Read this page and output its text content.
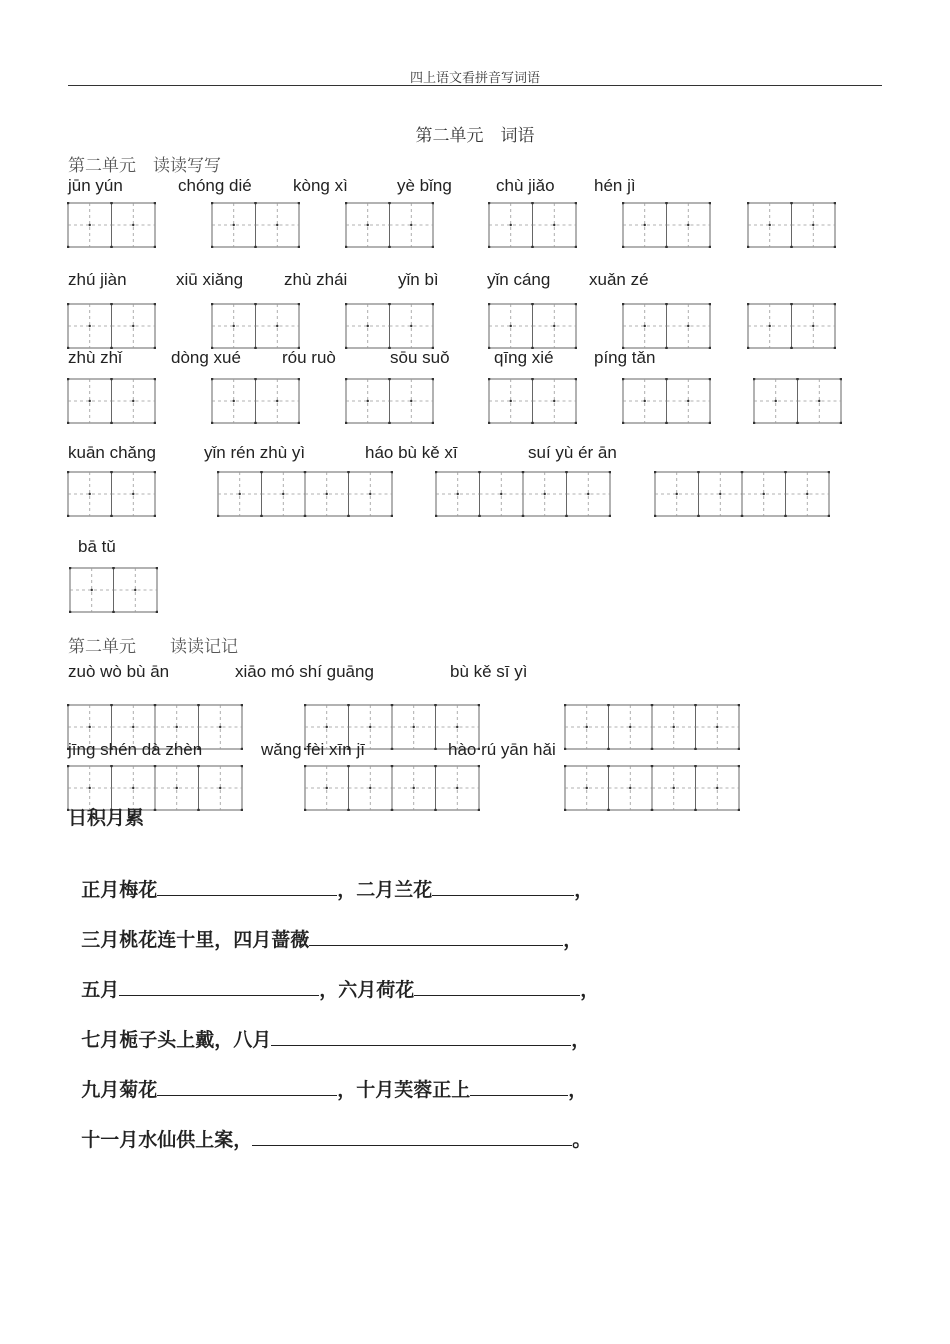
四上语文看拼音写词语
第二单元　词语
第二单元　读读写写
第二单元　　读读记记
jūn yún	chóng dié kòng xì	yè bǐng	chù jiǎo hén jì
zhú jiàn	xiū xiǎng zhù zhái	yǐn bì	yǐn cáng xuǎn zé
zhù zhǐ	dòng xué róu ruò	sōu suǒ	qīng xié píng tǎn
kuān chǎng	yǐn rén zhù yì	háo bù kě xī	suí yù ér ān
bā tǔ
zuò wò bù ān	xiāo mó shí guāng	bù kě sī yì
jīng shén dà zhèn	wǎng fèi xīn jī	hào rú yān hǎi
日积月累

正月梅花	，二月兰花	，

三月桃花连十里，四月蔷薇	，

五月	，六月荷花	，

七月栀子头上戴，八月	，

九月菊花	，十月芙蓉正上	，

十一月水仙供上案，	。
